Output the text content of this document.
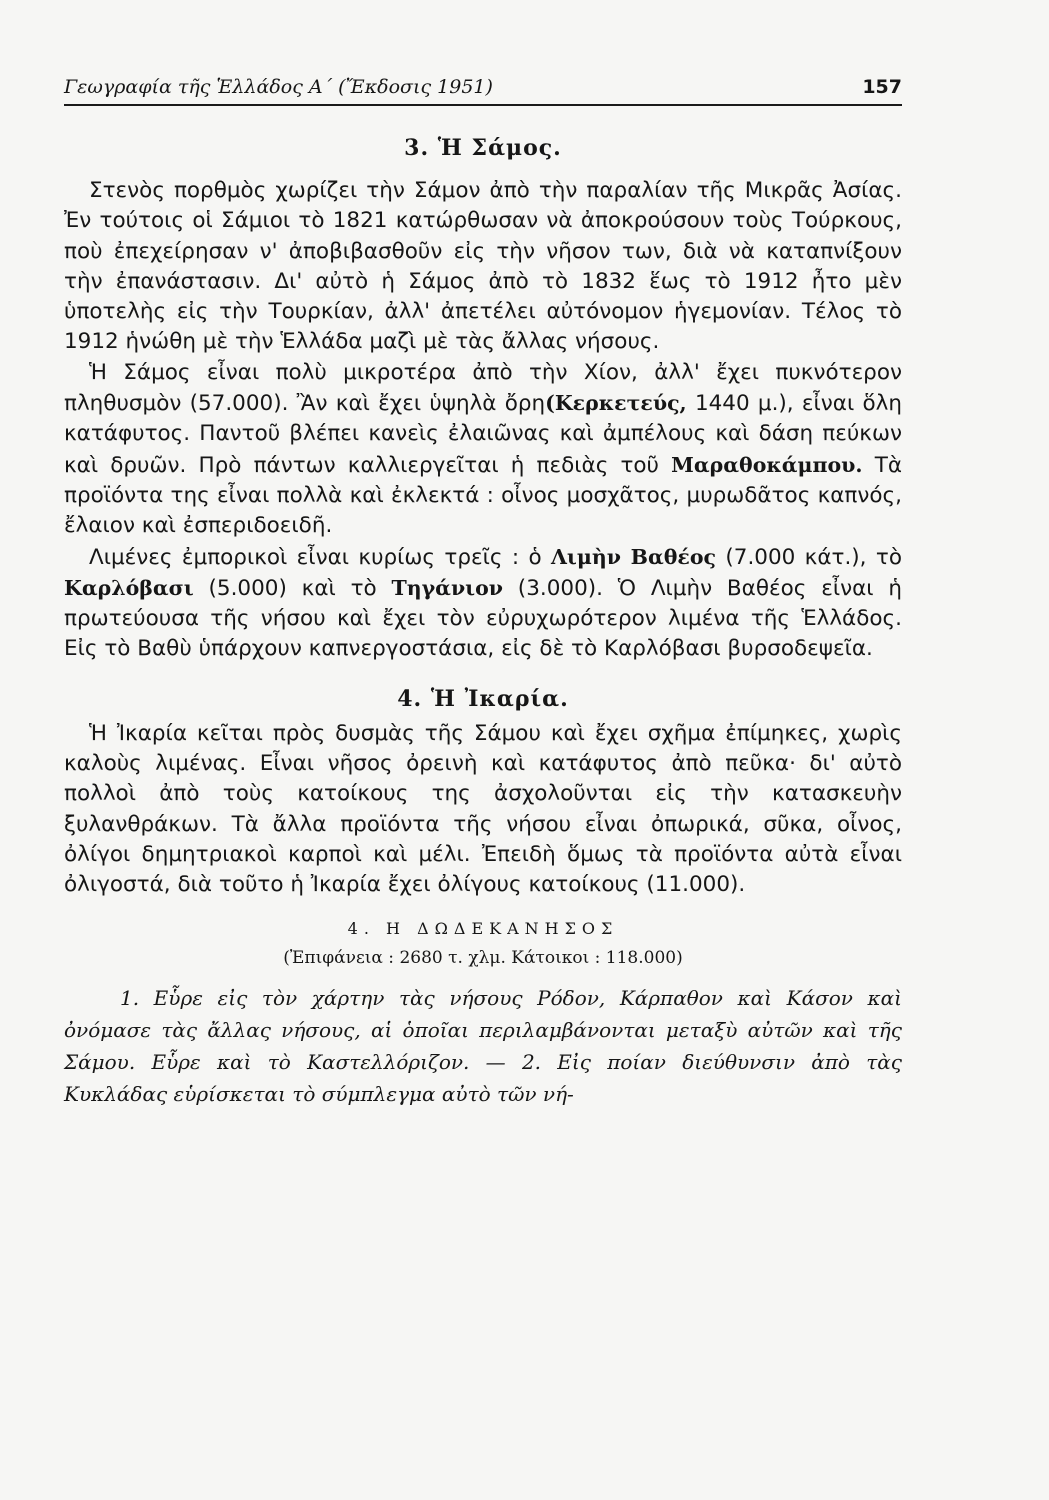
Γεωγραφία τῆς Ἑλλάδος Α΄ (Ἔκδοσις 1951)	157
3. Ἡ Σάμος.

Στενὸς πορθμὸς χωρίζει τὴν Σάμον ἀπὸ τὴν παραλίαν τῆς Μικρᾶς Ἀσίας. Ἐν τούτοις οἱ Σάμιοι τὸ 1821 κατώρθωσαν νὰ ἀποκρούσουν τοὺς Τούρκους, ποὺ ἐπεχείρησαν ν' ἀποβιβασθοῦν εἰς τὴν νῆσον των, διὰ νὰ καταπνίξουν τὴν ἐπανάστασιν. Δι' αὐτὸ ἡ Σάμος ἀπὸ τὸ 1832 ἕως τὸ 1912 ἦτο μὲν ὑποτελὴς εἰς τὴν Τουρκίαν, ἀλλ' ἀπετέλει αὐτόνομον ἡγεμονίαν. Τέλος τὸ 1912 ἡνώθη μὲ τὴν Ἑλλάδα μαζὶ μὲ τὰς ἄλλας νήσους.

Ἡ Σάμος εἶναι πολὺ μικροτέρα ἀπὸ τὴν Χίον, ἀλλ' ἔχει πυκνότερον πληθυσμὸν (57.000). Ἂν καὶ ἔχει ὑψηλὰ ὄρη(Κερκετεύς, 1440 μ.), εἶναι ὅλη κατάφυτος. Παντοῦ βλέπει κανεὶς ἐλαιῶνας καὶ ἀμπέλους καὶ δάση πεύκων καὶ δρυῶν. Πρὸ πάντων καλλιεργεῖται ἡ πεδιὰς τοῦ Μαραθοκάμπου. Τὰ προϊόντα της εἶναι πολλὰ καὶ ἐκλεκτά : οἶνος μοσχᾶτος, μυρωδᾶτος καπνός, ἔλαιον καὶ ἐσπεριδοειδῆ.

Λιμένες ἐμπορικοὶ εἶναι κυρίως τρεῖς : ὁ Λιμὴν Βαθέος (7.000 κάτ.), τὸ Καρλόβασι (5.000) καὶ τὸ Τηγάνιον (3.000). Ὁ Λιμὴν Βαθέος εἶναι ἡ πρωτεύουσα τῆς νήσου καὶ ἔχει τὸν εὐρυχωρότερον λιμένα τῆς Ἑλλάδος. Εἰς τὸ Βαθὺ ὑπάρχουν καπνεργοστάσια, εἰς δὲ τὸ Καρλόβασι βυρσοδεψεῖα.

4. Ἡ Ἰκαρία.

Ἡ Ἰκαρία κεῖται πρὸς δυσμὰς τῆς Σάμου καὶ ἔχει σχῆμα ἐπίμηκες, χωρὶς καλοὺς λιμένας. Εἶναι νῆσος ὀρεινὴ καὶ κατάφυτος ἀπὸ πεῦκα· δι' αὐτὸ πολλοὶ ἀπὸ τοὺς κατοίκους της ἀσχολοῦνται εἰς τὴν κατασκευὴν ξυλανθράκων. Τὰ ἄλλα προϊόντα τῆς νήσου εἶναι ὀπωρικά, σῦκα, οἶνος, ὀλίγοι δημητριακοὶ καρποὶ καὶ μέλι. Ἐπειδὴ ὅμως τὰ προϊόντα αὐτὰ εἶναι ὀλιγοστά, διὰ τοῦτο ἡ Ἰκαρία ἔχει ὀλίγους κατοίκους (11.000).

4. Η ΔΩΔΕΚΑΝΗΣΟΣ
(Ἐπιφάνεια : 2680 τ. χλμ. Κάτοικοι : 118.000)

1. Εὗρε εἰς τὸν χάρτην τὰς νήσους Ρόδον, Κάρπαθον καὶ Κάσον καὶ ὀνόμασε τὰς ἄλλας νήσους, αἱ ὁποῖαι περιλαμβάνονται μεταξὺ αὐτῶν καὶ τῆς Σάμου. Εὗρε καὶ τὸ Καστελλόριζον. — 2. Εἰς ποίαν διεύθυνσιν ἀπὸ τὰς Κυκλάδας εὑρίσκεται τὸ σύμπλεγμα αὐτὸ τῶν νή-
